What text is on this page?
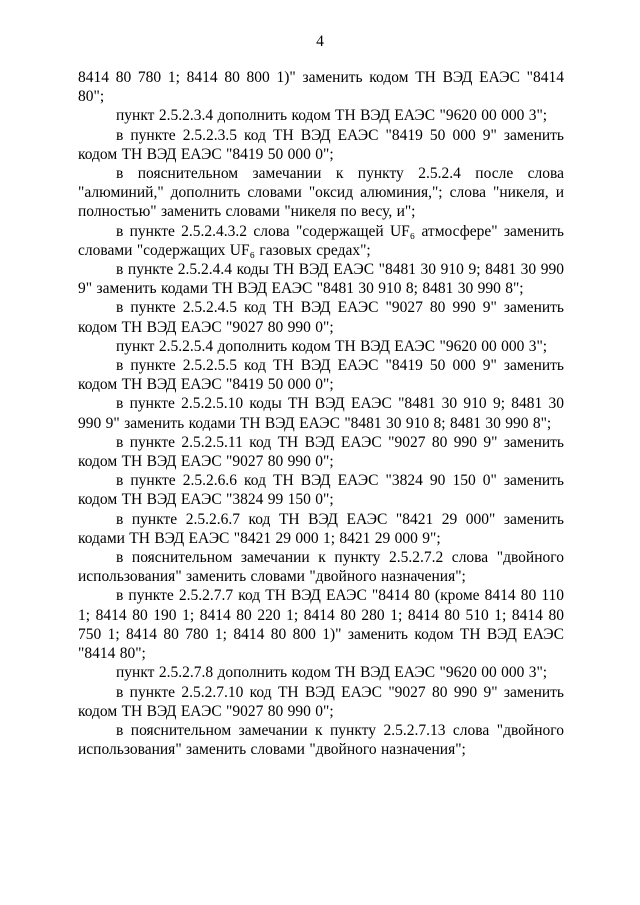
4

8414 80 780 1; 8414 80 800 1)" заменить кодом ТН ВЭД ЕАЭС "8414 80";

пункт 2.5.2.3.4 дополнить кодом ТН ВЭД ЕАЭС "9620 00 000 3";

в пункте 2.5.2.3.5 код ТН ВЭД ЕАЭС "8419 50 000 9" заменить кодом ТН ВЭД ЕАЭС "8419 50 000 0";

в пояснительном замечании к пункту 2.5.2.4 после слова "алюминий," дополнить словами "оксид алюминия,"; слова "никеля, и полностью" заменить словами "никеля по весу, и";

в пункте 2.5.2.4.3.2 слова "содержащей UF₆ атмосфере" заменить словами "содержащих UF₆ газовых средах";

в пункте 2.5.2.4.4 коды ТН ВЭД ЕАЭС "8481 30 910 9; 8481 30 990 9" заменить кодами ТН ВЭД ЕАЭС "8481 30 910 8; 8481 30 990 8";

в пункте 2.5.2.4.5 код ТН ВЭД ЕАЭС "9027 80 990 9" заменить кодом ТН ВЭД ЕАЭС "9027 80 990 0";

пункт 2.5.2.5.4 дополнить кодом ТН ВЭД ЕАЭС "9620 00 000 3";

в пункте 2.5.2.5.5 код ТН ВЭД ЕАЭС "8419 50 000 9" заменить кодом ТН ВЭД ЕАЭС "8419 50 000 0";

в пункте 2.5.2.5.10 коды ТН ВЭД ЕАЭС "8481 30 910 9; 8481 30 990 9" заменить кодами ТН ВЭД ЕАЭС "8481 30 910 8; 8481 30 990 8";

в пункте 2.5.2.5.11 код ТН ВЭД ЕАЭС "9027 80 990 9" заменить кодом ТН ВЭД ЕАЭС "9027 80 990 0";

в пункте 2.5.2.6.6 код ТН ВЭД ЕАЭС "3824 90 150 0" заменить кодом ТН ВЭД ЕАЭС "3824 99 150 0";

в пункте 2.5.2.6.7 код ТН ВЭД ЕАЭС "8421 29 000" заменить кодами ТН ВЭД ЕАЭС "8421 29 000 1; 8421 29 000 9";

в пояснительном замечании к пункту 2.5.2.7.2 слова "двойного использования" заменить словами "двойного назначения";

в пункте 2.5.2.7.7 код ТН ВЭД ЕАЭС "8414 80 (кроме 8414 80 110 1; 8414 80 190 1; 8414 80 220 1; 8414 80 280 1; 8414 80 510 1; 8414 80 750 1; 8414 80 780 1; 8414 80 800 1)" заменить кодом ТН ВЭД ЕАЭС "8414 80";

пункт 2.5.2.7.8 дополнить кодом ТН ВЭД ЕАЭС "9620 00 000 3";

в пункте 2.5.2.7.10 код ТН ВЭД ЕАЭС "9027 80 990 9" заменить кодом ТН ВЭД ЕАЭС "9027 80 990 0";

в пояснительном замечании к пункту 2.5.2.7.13 слова "двойного использования" заменить словами "двойного назначения";
